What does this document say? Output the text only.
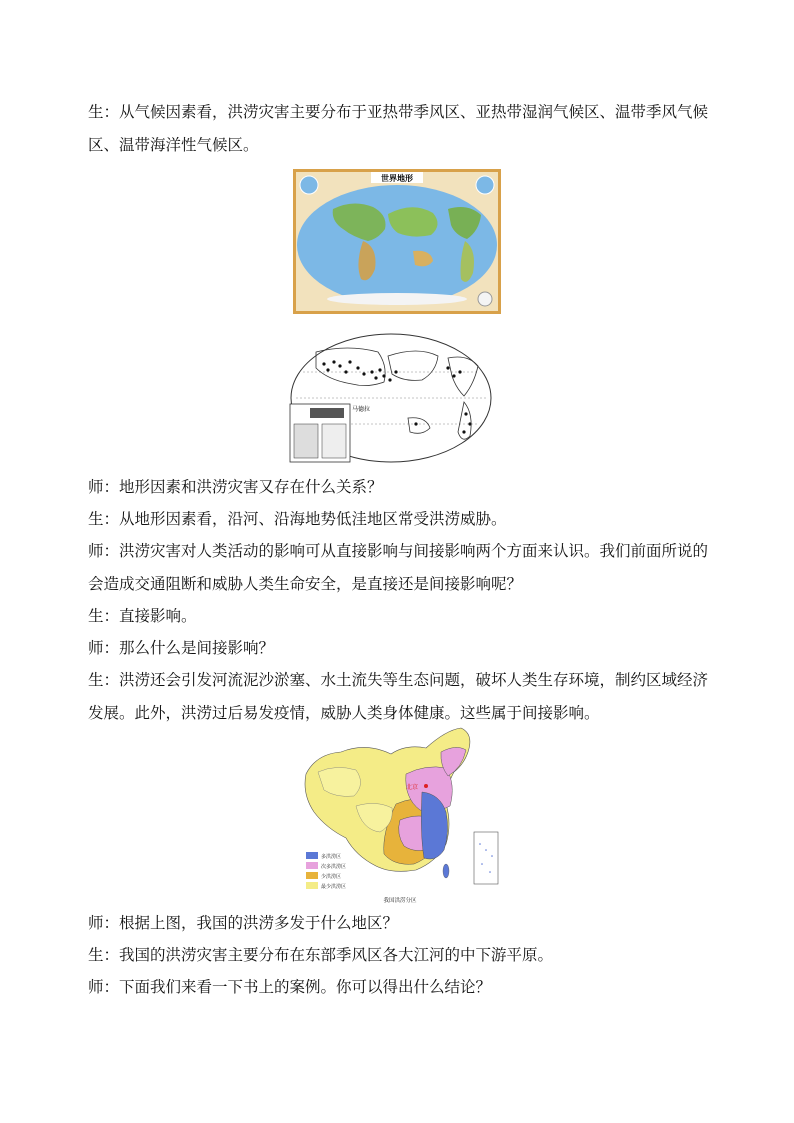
生：从气候因素看，洪涝灾害主要分布于亚热带季风区、亚热带湿润气候区、温带季风气候区、温带海洋性气候区。

世界地形
马德拉

师：地形因素和洪涝灾害又存在什么关系？

生：从地形因素看，沿河、沿海地势低洼地区常受洪涝威胁。

师：洪涝灾害对人类活动的影响可从直接影响与间接影响两个方面来认识。我们前面所说的会造成交通阻断和威胁人类生命安全，是直接还是间接影响呢？

生：直接影响。

师：那么什么是间接影响？

生：洪涝还会引发河流泥沙淤塞、水土流失等生态问题，破坏人类生存环境，制约区域经济发展。此外，洪涝过后易发疫情，威胁人类身体健康。这些属于间接影响。

北京
多洪涝区
次多洪涝区
少洪涝区
最少洪涝区
我国洪涝分区

师：根据上图，我国的洪涝多发于什么地区？

生：我国的洪涝灾害主要分布在东部季风区各大江河的中下游平原。

师：下面我们来看一下书上的案例。你可以得出什么结论？
